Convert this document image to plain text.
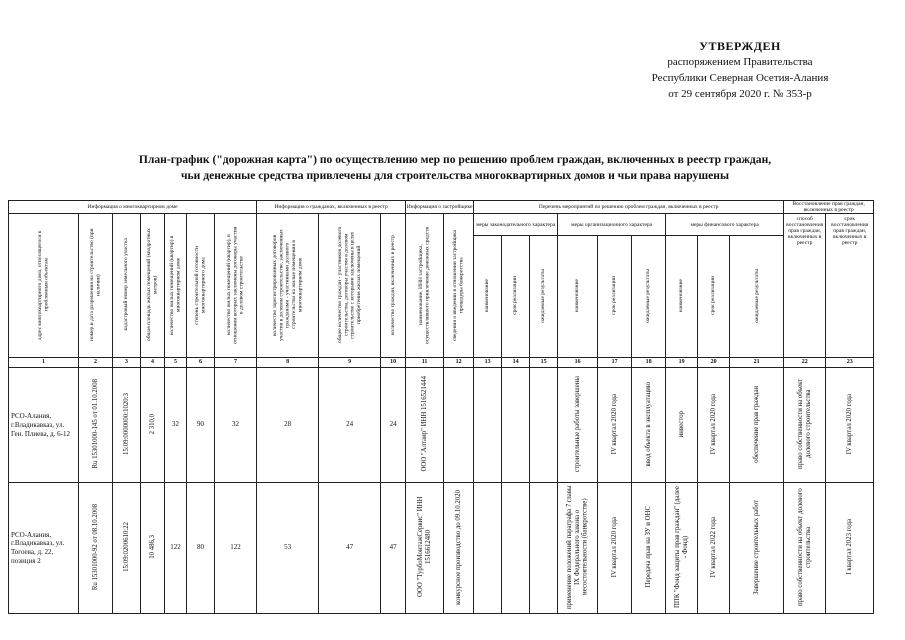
УТВЕРЖДЕН
распоряжением Правительства
Республики Северная Осетия-Алания
от 29 сентября 2020 г. № 353-р
План-график ("дорожная карта") по осуществлению мер по решению проблем граждан, включенных в реестр граждан,
чьи денежные средства привлечены для строительства многоквартирных домов и чьи права нарушены
Информация о многоквартирном доме							Информация о гражданах, включенных в реестр			Информация о застройщике		Перечень мероприятий по решению проблем граждан, включенных в реестр									Восстановление прав граждан, включенных в реестр	
адрес многоквартирного дома, относящегося к проблемным объектам	номер и дата разрешения на строительство (при наличии)	кадастровый номер земельного участка	общая площадь жилых помещений (квадратных метров)	количество жилых помещений (квартир) в многоквартирном доме	степень строительной готовности многоквартирного дома	количество жилых помещений (квартир), в отношении которых заключены договоры участия в долевом строительстве	количество зарегистрированных договоров участия в долевом строительстве, заключенных гражданами - участниками долевого строительства на жилые помещения в многоквартирном доме	общее количество граждан - участников долевого строительства, договоры участия в долевом строительстве с которыми заключены в целях приобретения жилых помещений	количество граждан, включенных в реестр	наименование, ИНН застройщика, осуществлявшего привлечение денежных средств	сведения о введении в отношении застройщика процедуры банкротства	меры законодательного характера			меры организационного характера			меры финансового характера			способ восстановления прав граждан, включенных в реестр	срок восстановления прав граждан, включенных в реестр
												наименование	срок реализации	ожидаемые результаты	наименование	срок реализации	ожидаемые результаты	наименование	срок реализации	ожидаемые результаты		
1	2	3	4	5	6	7	8	9	10	11	12	13	14	15	16	17	18	19	20	21	22	23
РСО-Алания, г.Владикавказ, ул. Ген. Плиева, д. 6-12	Ru 15301000-145 от 01.10.2008	15:09:0000000:1020:3	2 310,0	32	90	32	28	24	24	ООО "Алтаир" ИНН 1516521444					строительные работы завершены	IV квартал 2020 года	ввод объекта в эксплуатацию	инвестор	IV квартал 2020 года	обеспечение прав граждан	право собственности на объект долевого строительства	IV квартал 2020 года
РСО-Алания, г.Владикавказ, ул. Тогоева, д. 22, позиция 2	Ru 15301000-92 от 08.10.2008	15:09:0200610:22	10 486,3	122	80	122	53	47	47	ООО "ТурбоМонтажСервис" ИНН 1516612480	конкурсное производство до 09.10.2020				применение положений параграфа 7 главы IX Федерального закона о несостоятельности (банкротстве)	IV квартал 2020 года	Передача прав на ЗУ и ОНС	ППК "Фонд защиты прав граждан" (далее - Фонд)	IV квартал 2022 года	Завершение строительных работ	право собственности на объект долевого строительства	I квартал 2023 года
